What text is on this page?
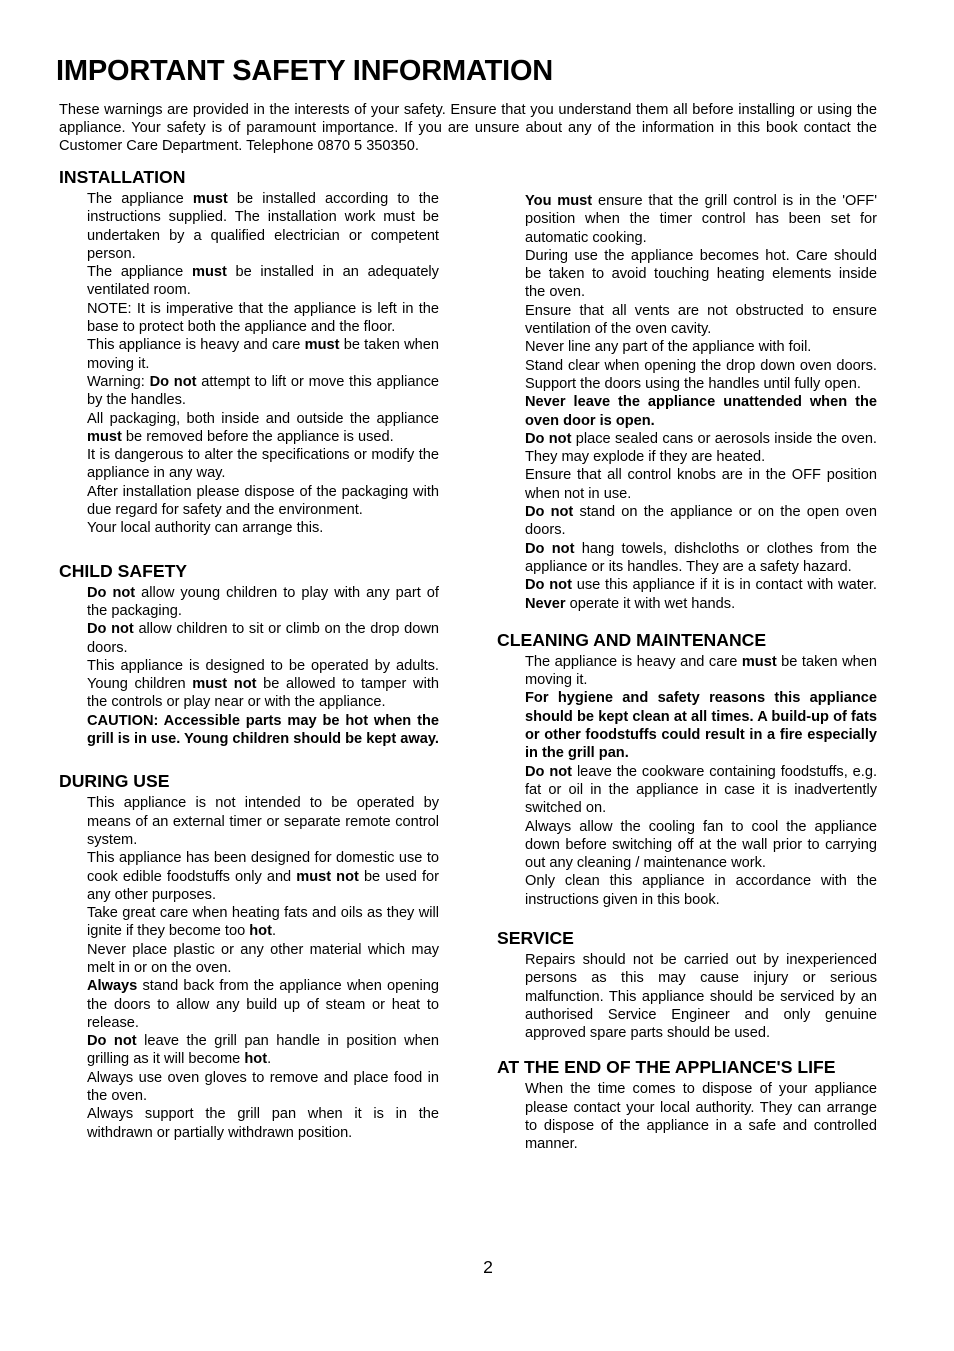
IMPORTANT SAFETY INFORMATION

These warnings are provided in the interests of your safety. Ensure that you understand them all before installing or using the appliance. Your safety is of paramount importance. If you are unsure about any of the information in this book contact the Customer Care Department. Telephone 0870 5 350350.

INSTALLATION

The appliance must be installed according to the instructions supplied. The installation work must be undertaken by a qualified electrician or competent person.

The appliance must be installed in an adequately ventilated room.

NOTE: It is imperative that the appliance is left in the base to protect both the appliance and the floor.

This appliance is heavy and care must be taken when moving it.

Warning: Do not attempt to lift or move this appliance by the handles.

All packaging, both inside and outside the appliance must be removed before the appliance is used.

It is dangerous to alter the specifications or modify the appliance in any way.

After installation please dispose of the packaging with due regard for safety and the environment.

Your local authority can arrange this.

CHILD SAFETY

Do not allow young children to play with any part of the packaging.

Do not allow children to sit or climb on the drop down doors.

This appliance is designed to be operated by adults. Young children must not be allowed to tamper with the controls or play near or with the appliance.

CAUTION: Accessible parts may be hot when the grill is in use. Young children should be kept away.

DURING USE

This appliance is not intended to be operated by means of an external timer or separate remote control system.

This appliance has been designed for domestic use to cook edible foodstuffs only and must not be used for any other purposes.

Take great care when heating fats and oils as they will ignite if they become too hot.

Never place plastic or any other material which may melt in or on the oven.

Always stand back from the appliance when opening the doors to allow any build up of steam or heat to release.

Do not leave the grill pan handle in position when grilling as it will become hot.

Always use oven gloves to remove and place food in the oven.

Always support the grill pan when it is in the withdrawn or partially withdrawn position.

You must ensure that the grill control is in the 'OFF' position when the timer control has been set for automatic cooking.

During use the appliance becomes hot. Care should be taken to avoid touching heating elements inside the oven.

Ensure that all vents are not obstructed to ensure ventilation of the oven cavity.

Never line any part of the appliance with foil.

Stand clear when opening the drop down oven doors. Support the doors using the handles until fully open.

Never leave the appliance unattended when the oven door is open.

Do not place sealed cans or aerosols inside the oven. They may explode if they are heated.

Ensure that all control knobs are in the OFF position when not in use.

Do not stand on the appliance or on the open oven doors.

Do not hang towels, dishcloths or clothes from the appliance or its handles. They are a safety hazard.

Do not use this appliance if it is in contact with water. Never operate it with wet hands.

CLEANING AND MAINTENANCE

The appliance is heavy and care must be taken when moving it.

For hygiene and safety reasons this appliance should be kept clean at all times. A build-up of fats or other foodstuffs could result in a fire especially in the grill pan.

Do not leave the cookware containing foodstuffs, e.g. fat or oil in the appliance in case it is inadvertently switched on.

Always allow the cooling fan to cool the appliance down before switching off at the wall prior to carrying out any cleaning / maintenance work.

Only clean this appliance in accordance with the instructions given in this book.

SERVICE

Repairs should not be carried out by inexperienced persons as this may cause injury or serious malfunction. This appliance should be serviced by an authorised Service Engineer and only genuine approved spare parts should be used.

AT THE END OF THE APPLIANCE'S LIFE

When the time comes to dispose of your appliance please contact your local authority. They can arrange to dispose of the appliance in a safe and controlled manner.

2
